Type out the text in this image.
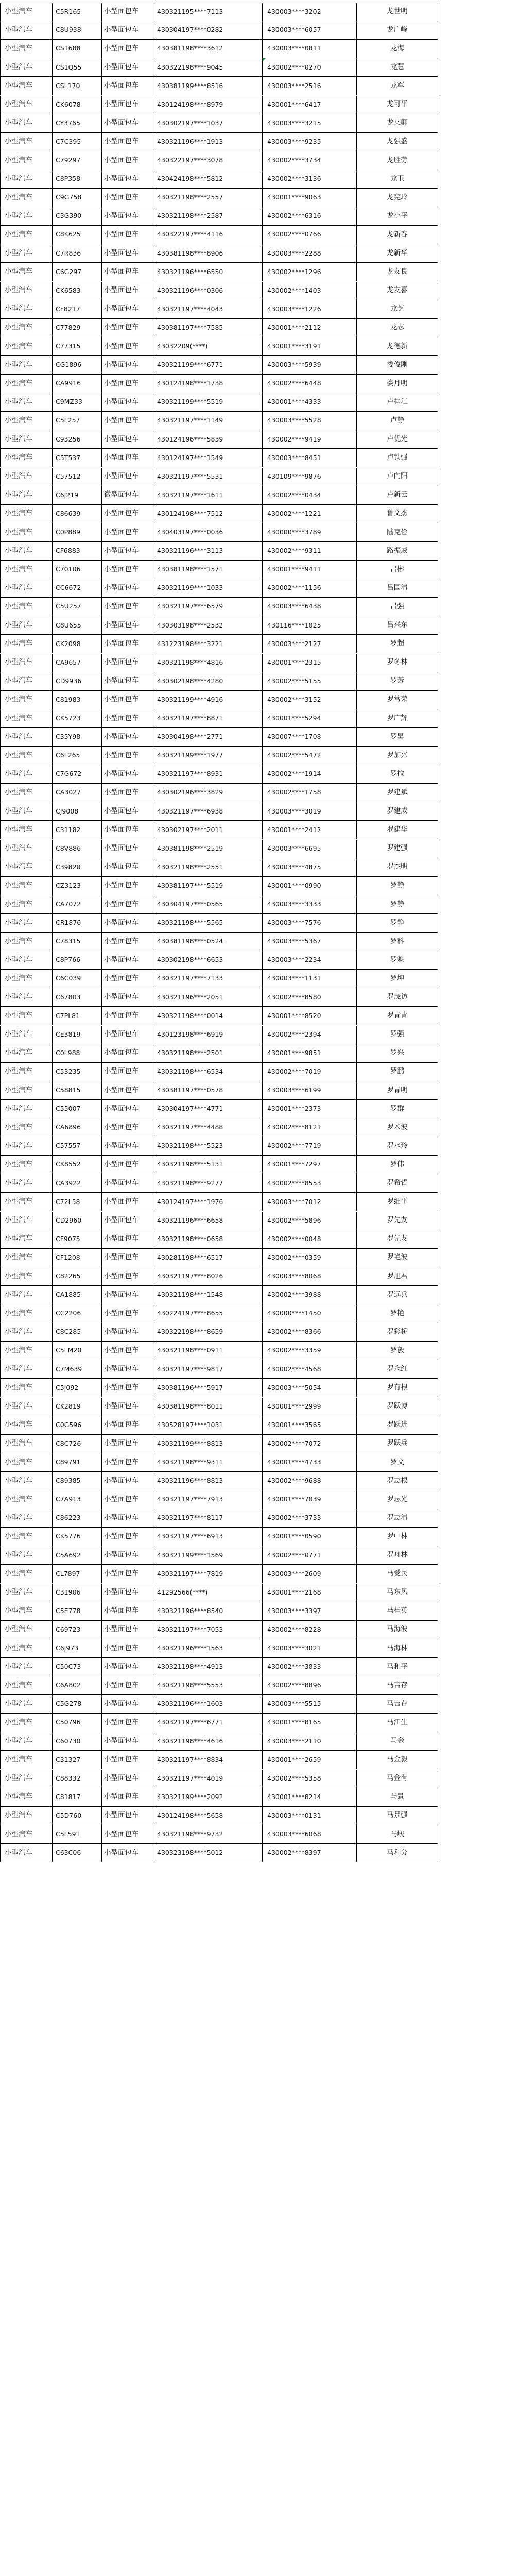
小型汽车	C5R165	小型面包车	430321195****7113	430003****3202	龙世明
小型汽车	C8U938	小型面包车	430304197****0282	430003****6057	龙广峰
小型汽车	CS1688	小型面包车	430381198****3612	430003****0811	龙海
小型汽车	CS1Q55	小型面包车	430322198****9045	430002****0270	龙慧
小型汽车	CSL170	小型面包车	430381199****8516	430003****2516	龙军
小型汽车	CK6078	小型面包车	430124198****8979	430001****6417	龙可平
小型汽车	CY3765	小型面包车	430302197****1037	430003****3215	龙莱卿
小型汽车	C7C395	小型面包车	430321196****1913	430003****9235	龙强盛
小型汽车	C79297	小型面包车	430322197****3078	430002****3734	龙胜劳
小型汽车	C8P358	小型面包车	430424198****5812	430002****3136	龙卫
小型汽车	C9G758	小型面包车	430321198****2557	430001****9063	龙宪玲
小型汽车	C3G390	小型面包车	430321198****2587	430002****6316	龙小平
小型汽车	C8K625	小型面包车	430322197****4116	430002****0766	龙新春
小型汽车	C7R836	小型面包车	430381198****8906	430003****2288	龙新华
小型汽车	C6G297	小型面包车	430321196****6550	430002****1296	龙友良
小型汽车	CK6583	小型面包车	430321196****0306	430002****1403	龙友喜
小型汽车	CF8217	小型面包车	430321197****4043	430003****1226	龙芝
小型汽车	C77829	小型面包车	430381197****7585	430001****2112	龙志
小型汽车	C77315	小型面包车	43032209(****)	430001****3191	龙德新
小型汽车	CG1896	小型面包车	430321199****6771	430003****5939	娄俊刚
小型汽车	CA9916	小型面包车	430124198****1738	430002****6448	娄月明
小型汽车	C9MZ33	小型面包车	430321199****5519	430001****4333	卢桂江
小型汽车	C5L257	小型面包车	430321197****1149	430003****5528	卢静
小型汽车	C93256	小型面包车	430124196****5839	430002****9419	卢优光
小型汽车	C5T537	小型面包车	430124197****1549	430003****8451	卢铁强
小型汽车	C57512	小型面包车	430321197****5531	430109****9876	卢向阳
小型汽车	C6J219	微型面包车	430321197****1611	430002****0434	卢新云
小型汽车	C86639	小型面包车	430124198****7512	430002****1221	鲁文杰
小型汽车	C0P889	小型面包车	430403197****0036	430000****3789	陆克俭
小型汽车	CF6883	小型面包车	430321196****3113	430002****9311	路振威
小型汽车	C70106	小型面包车	430381198****1571	430001****9411	吕彬
小型汽车	CC6672	小型面包车	430321199****1033	430002****1156	吕国清
小型汽车	C5U257	小型面包车	430321197****6579	430003****6438	吕强
小型汽车	C8U655	小型面包车	430303198****2532	430116****1025	吕兴东
小型汽车	CK2098	小型面包车	431223198****3221	430003****2127	罗超
小型汽车	CA9657	小型面包车	430321198****4816	430001****2315	罗冬林
小型汽车	CD9936	小型面包车	430302198****4280	430002****5155	罗芳
小型汽车	C81983	小型面包车	430321199****4916	430002****3152	罗常荣
小型汽车	CK5723	小型面包车	430321197****8871	430001****5294	罗广辉
小型汽车	C35Y98	小型面包车	430304198****2771	430007****1708	罗昊
小型汽车	C6L265	小型面包车	430321199****1977	430002****5472	罗加兴
小型汽车	C7G672	小型面包车	430321197****8931	430002****1914	罗拉
小型汽车	CA3027	小型面包车	430302196****3829	430002****1758	罗建斌
小型汽车	CJ9008	小型面包车	430321197****6938	430003****3019	罗建成
小型汽车	C31182	小型面包车	430302197****2011	430001****2412	罗建华
小型汽车	C8V886	小型面包车	430381198****2519	430003****6695	罗建强
小型汽车	C39820	小型面包车	430321198****2551	430003****4875	罗杰明
小型汽车	CZ3123	小型面包车	430381197****5519	430001****0990	罗静
小型汽车	CA7072	小型面包车	430304197****0565	430003****3333	罗静
小型汽车	CR1876	小型面包车	430321198****5565	430003****7576	罗静
小型汽车	C78315	小型面包车	430381198****0524	430003****5367	罗科
小型汽车	C8P766	小型面包车	430302198****6653	430003****2234	罗魁
小型汽车	C6C039	小型面包车	430321197****7133	430003****1131	罗坤
小型汽车	C67803	小型面包车	430321196****2051	430002****8580	罗茂访
小型汽车	C7PL81	小型面包车	430321198****0014	430001****8520	罗青青
小型汽车	CE3819	小型面包车	430123198****6919	430002****2394	罗强
小型汽车	C0L988	小型面包车	430321198****2501	430001****9851	罗兴
小型汽车	C53235	小型面包车	430321198****6534	430002****7019	罗鹏
小型汽车	C58815	小型面包车	430381197****0578	430003****6199	罗青明
小型汽车	C55007	小型面包车	430304197****4771	430001****2373	罗群
小型汽车	CA6896	小型面包车	430321197****4488	430002****8121	罗术波
小型汽车	C57557	小型面包车	430321198****5523	430002****7719	罗水玲
小型汽车	CK8552	小型面包车	430321198****5131	430001****7297	罗伟
小型汽车	CA3922	小型面包车	430321198****9277	430002****8553	罗希哲
小型汽车	C72L58	小型面包车	430124197****1976	430003****7012	罗细平
小型汽车	CD2960	小型面包车	430321196****6658	430002****5896	罗先友
小型汽车	CF9075	小型面包车	430321198****0658	430002****0048	罗先友
小型汽车	CF1208	小型面包车	430281198****6517	430002****0359	罗艳波
小型汽车	C82265	小型面包车	430321197****8026	430003****8068	罗旭君
小型汽车	CA1885	小型面包车	430321198****1548	430002****3988	罗远兵
小型汽车	CC2206	小型面包车	430224197****8655	430000****1450	罗艳
小型汽车	C8C285	小型面包车	430322198****8659	430002****8366	罗彩桥
小型汽车	C5LM20	小型面包车	430321198****0911	430002****3359	罗毅
小型汽车	C7M639	小型面包车	430321197****9817	430002****4568	罗永红
小型汽车	C5J092	小型面包车	430381196****5917	430003****5054	罗有根
小型汽车	CK2819	小型面包车	430381198****8011	430001****2999	罗跃博
小型汽车	C0G596	小型面包车	430528197****1031	430001****3565	罗跃进
小型汽车	C8C726	小型面包车	430321199****8813	430002****7072	罗跃兵
小型汽车	C89791	小型面包车	430321198****9311	430001****4733	罗文
小型汽车	C89385	小型面包车	430321196****8813	430002****9688	罗志根
小型汽车	C7A913	小型面包车	430321197****7913	430001****7039	罗志光
小型汽车	C86223	小型面包车	430321197****8117	430002****3733	罗志清
小型汽车	CK5776	小型面包车	430321197****6913	430001****0590	罗中林
小型汽车	C5A692	小型面包车	430321199****1569	430002****0771	罗舟林
小型汽车	CL7897	小型面包车	430321197****7819	430003****2609	马爱民
小型汽车	C31906	小型面包车	41292566(****)	430001****2168	马东风
小型汽车	C5E778	小型面包车	430321196****8540	430003****3397	马桂英
小型汽车	C69723	小型面包车	430321197****7053	430002****8228	马海波
小型汽车	C6J973	小型面包车	430321196****1563	430003****3021	马海林
小型汽车	C50C73	小型面包车	430321198****4913	430002****3833	马和平
小型汽车	C6A802	小型面包车	430321198****5553	430002****8896	马吉存
小型汽车	C5G278	小型面包车	430321196****1603	430003****5515	马吉存
小型汽车	C50796	小型面包车	430321197****6771	430001****8165	马江生
小型汽车	C60730	小型面包车	430321198****4616	430003****2110	马金
小型汽车	C31327	小型面包车	430321197****8834	430001****2659	马金毅
小型汽车	C88332	小型面包车	430321197****4019	430002****5358	马金有
小型汽车	C81817	小型面包车	430321199****2092	430001****8214	马景
小型汽车	C5D760	小型面包车	430124198****5658	430003****0131	马景强
小型汽车	C5L591	小型面包车	430321198****9732	430003****6068	马峻
小型汽车	C63C06	小型面包车	430323198****5012	430002****8397	马利分
